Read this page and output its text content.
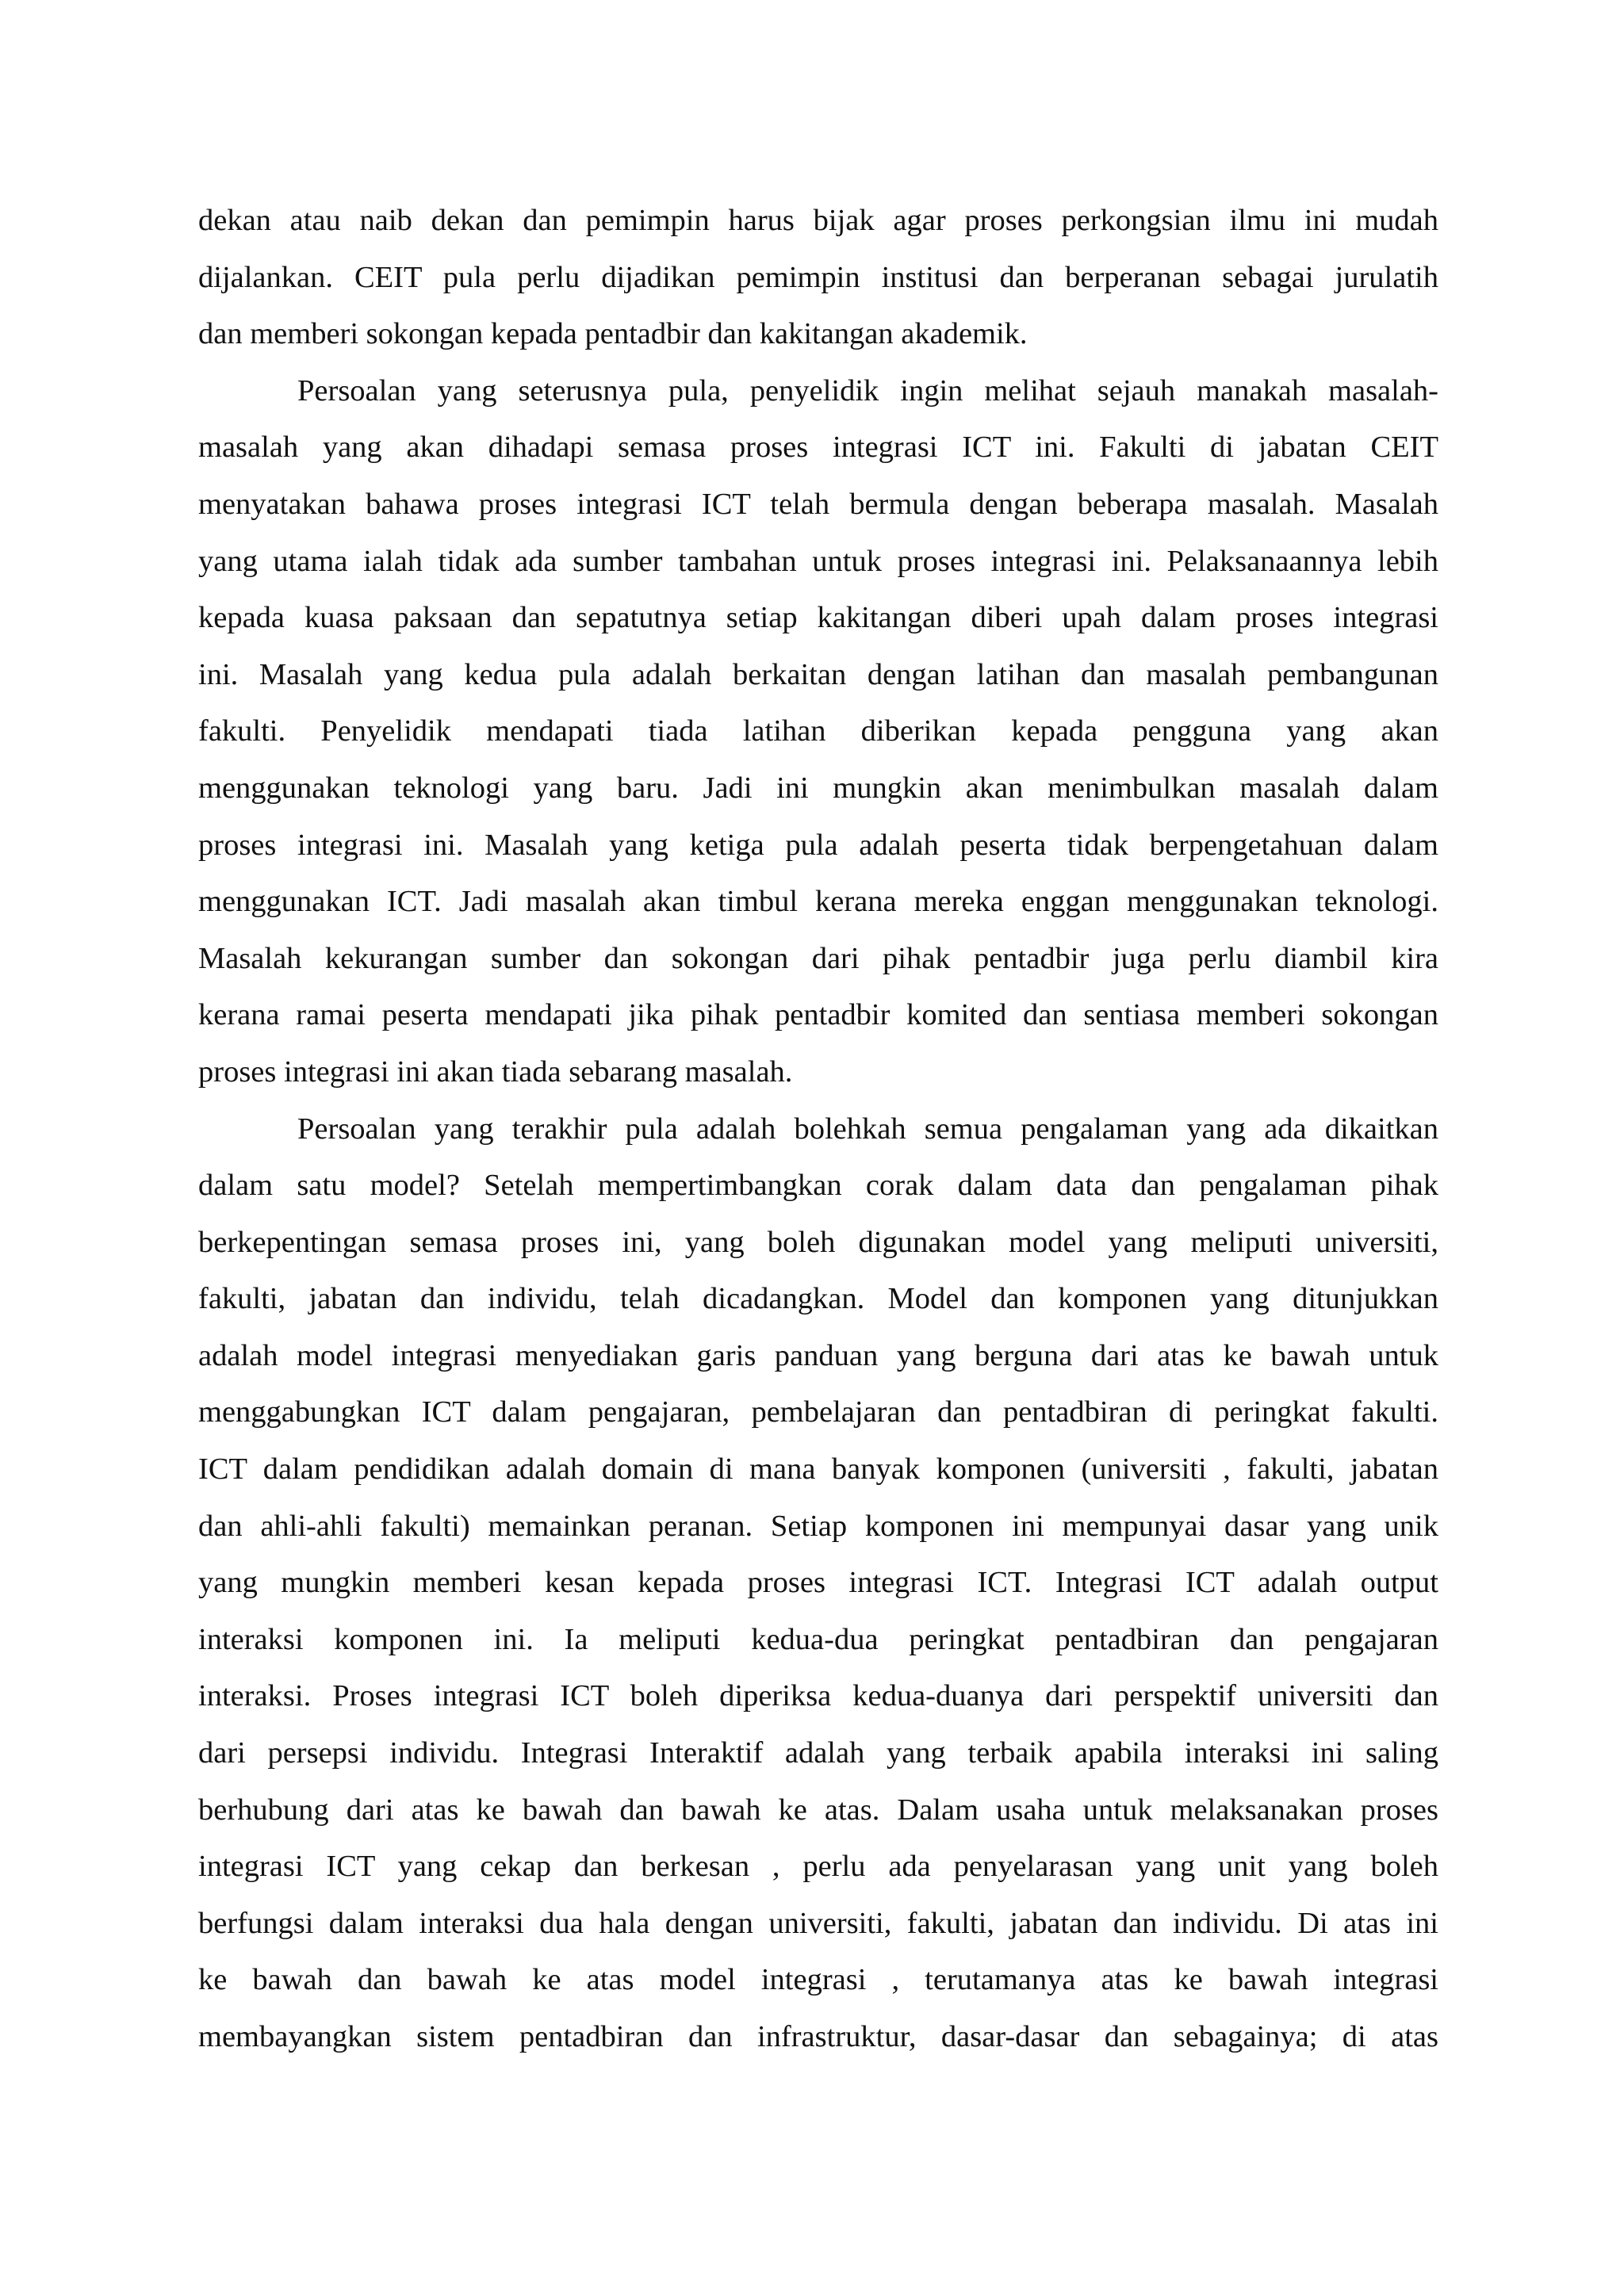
dekan atau naib dekan dan pemimpin harus bijak agar proses perkongsian ilmu ini mudah
dijalankan. CEIT pula perlu dijadikan pemimpin institusi dan berperanan sebagai jurulatih
dan memberi sokongan kepada pentadbir dan kakitangan akademik.
Persoalan yang seterusnya pula, penyelidik ingin melihat sejauh manakah masalah-
masalah yang akan dihadapi semasa proses integrasi ICT ini. Fakulti di jabatan CEIT
menyatakan bahawa proses integrasi ICT telah bermula dengan beberapa masalah. Masalah
yang utama ialah tidak ada sumber tambahan untuk proses integrasi ini. Pelaksanaannya lebih
kepada kuasa paksaan dan sepatutnya setiap kakitangan diberi upah dalam proses integrasi
ini. Masalah yang kedua pula adalah berkaitan dengan latihan dan masalah pembangunan
fakulti. Penyelidik mendapati tiada latihan diberikan kepada pengguna yang akan
menggunakan teknologi yang baru. Jadi ini mungkin akan menimbulkan masalah dalam
proses integrasi ini. Masalah yang ketiga pula adalah peserta tidak berpengetahuan dalam
menggunakan ICT. Jadi masalah akan timbul kerana mereka enggan menggunakan teknologi.
Masalah kekurangan sumber dan sokongan dari pihak pentadbir juga perlu diambil kira
kerana ramai peserta mendapati jika pihak pentadbir komited dan sentiasa memberi sokongan
proses integrasi ini akan tiada sebarang masalah.
Persoalan yang terakhir pula adalah bolehkah semua pengalaman yang ada dikaitkan
dalam satu model? Setelah mempertimbangkan corak dalam data dan pengalaman pihak
berkepentingan semasa proses ini, yang boleh digunakan model yang meliputi universiti,
fakulti, jabatan dan individu, telah dicadangkan. Model dan komponen yang ditunjukkan
adalah model integrasi menyediakan garis panduan yang berguna dari atas ke bawah untuk
menggabungkan ICT dalam pengajaran, pembelajaran dan pentadbiran di peringkat fakulti.
ICT dalam pendidikan adalah domain di mana banyak komponen (universiti , fakulti, jabatan
dan ahli-ahli fakulti) memainkan peranan. Setiap komponen ini mempunyai dasar yang unik
yang mungkin memberi kesan kepada proses integrasi ICT. Integrasi ICT adalah output
interaksi komponen ini. Ia meliputi kedua-dua peringkat pentadbiran dan pengajaran
interaksi. Proses integrasi ICT boleh diperiksa kedua-duanya dari perspektif universiti dan
dari persepsi individu. Integrasi Interaktif adalah yang terbaik apabila interaksi ini saling
berhubung dari atas ke bawah dan bawah ke atas. Dalam usaha untuk melaksanakan proses
integrasi ICT yang cekap dan berkesan , perlu ada penyelarasan yang unit yang boleh
berfungsi dalam interaksi dua hala dengan universiti, fakulti, jabatan dan individu. Di atas ini
ke bawah dan bawah ke atas model integrasi , terutamanya atas ke bawah integrasi
membayangkan sistem pentadbiran dan infrastruktur, dasar-dasar dan sebagainya; di atas
